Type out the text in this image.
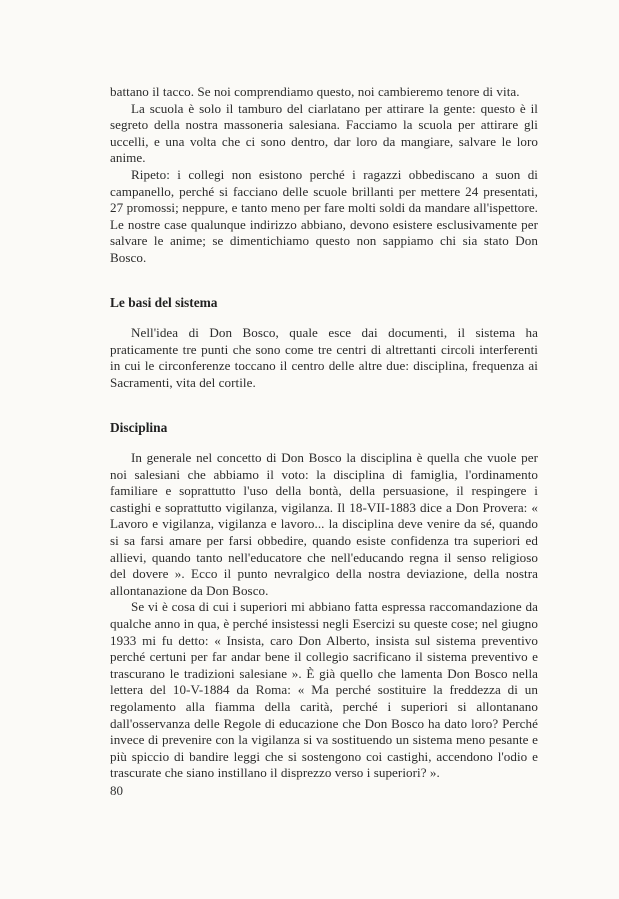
battano il tacco. Se noi comprendiamo questo, noi cambieremo tenore di vita.

La scuola è solo il tamburo del ciarlatano per attirare la gente: questo è il segreto della nostra massoneria salesiana. Facciamo la scuola per attirare gli uccelli, e una volta che ci sono dentro, dar loro da mangiare, salvare le loro anime.

Ripeto: i collegi non esistono perché i ragazzi obbediscano a suon di campanello, perché si facciano delle scuole brillanti per mettere 24 presentati, 27 promossi; neppure, e tanto meno per fare molti soldi da mandare all'ispettore. Le nostre case qualunque indirizzo abbiano, devono esistere esclusivamente per salvare le anime; se dimentichiamo questo non sappiamo chi sia stato Don Bosco.

Le basi del sistema

Nell'idea di Don Bosco, quale esce dai documenti, il sistema ha praticamente tre punti che sono come tre centri di altrettanti circoli interferenti in cui le circonferenze toccano il centro delle altre due: disciplina, frequenza ai Sacramenti, vita del cortile.

Disciplina

In generale nel concetto di Don Bosco la disciplina è quella che vuole per noi salesiani che abbiamo il voto: la disciplina di famiglia, l'ordinamento familiare e soprattutto l'uso della bontà, della persuasione, il respingere i castighi e soprattutto vigilanza, vigilanza. Il 18-VII-1883 dice a Don Provera: « Lavoro e vigilanza, vigilanza e lavoro... la disciplina deve venire da sé, quando si sa farsi amare per farsi obbedire, quando esiste confidenza tra superiori ed allievi, quando tanto nell'educatore che nell'educando regna il senso religioso del dovere ». Ecco il punto nevralgico della nostra deviazione, della nostra allontanazione da Don Bosco.

Se vi è cosa di cui i superiori mi abbiano fatta espressa raccomandazione da qualche anno in qua, è perché insistessi negli Esercizi su queste cose; nel giugno 1933 mi fu detto: « Insista, caro Don Alberto, insista sul sistema preventivo perché certuni per far andar bene il collegio sacrificano il sistema preventivo e trascurano le tradizioni salesiane ». È già quello che lamenta Don Bosco nella lettera del 10-V-1884 da Roma: « Ma perché sostituire la freddezza di un regolamento alla fiamma della carità, perché i superiori si allontanano dall'osservanza delle Regole di educazione che Don Bosco ha dato loro? Perché invece di prevenire con la vigilanza si va sostituendo un sistema meno pesante e più spiccio di bandire leggi che si sostengono coi castighi, accendono l'odio e trascurate che siano instillano il disprezzo verso i superiori? ».

80
